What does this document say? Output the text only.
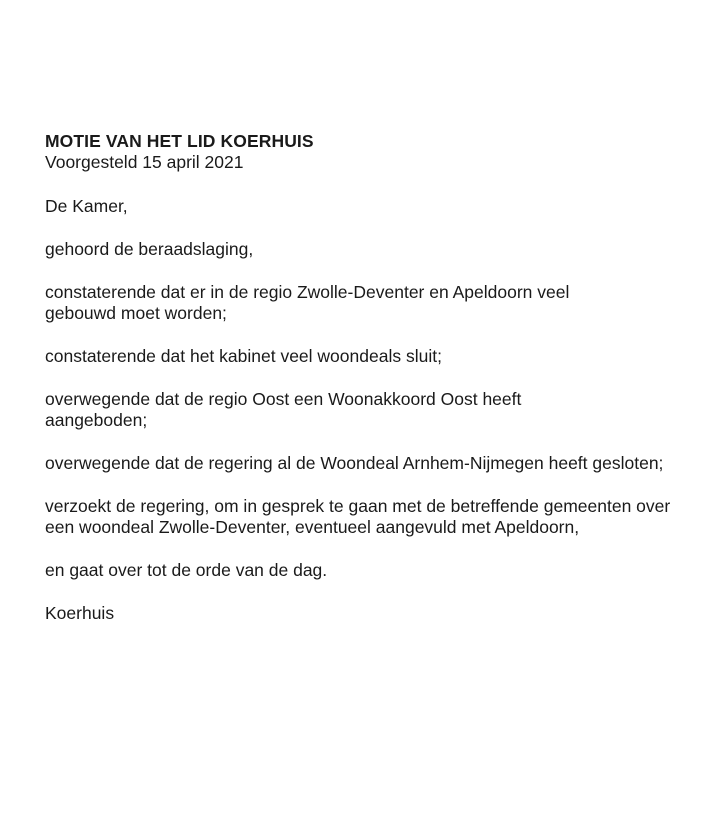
MOTIE VAN HET LID KOERHUIS

Voorgesteld 15 april 2021

De Kamer,

gehoord de beraadslaging,

constaterende dat er in de regio Zwolle-Deventer en Apeldoorn veel gebouwd moet worden;

constaterende dat het kabinet veel woondeals sluit;

overwegende dat de regio Oost een Woonakkoord Oost heeft aangeboden;

overwegende dat de regering al de Woondeal Arnhem-Nijmegen heeft gesloten;

verzoekt de regering, om in gesprek te gaan met de betreffende gemeenten over een woondeal Zwolle-Deventer, eventueel aangevuld met Apeldoorn,

en gaat over tot de orde van de dag.

Koerhuis
